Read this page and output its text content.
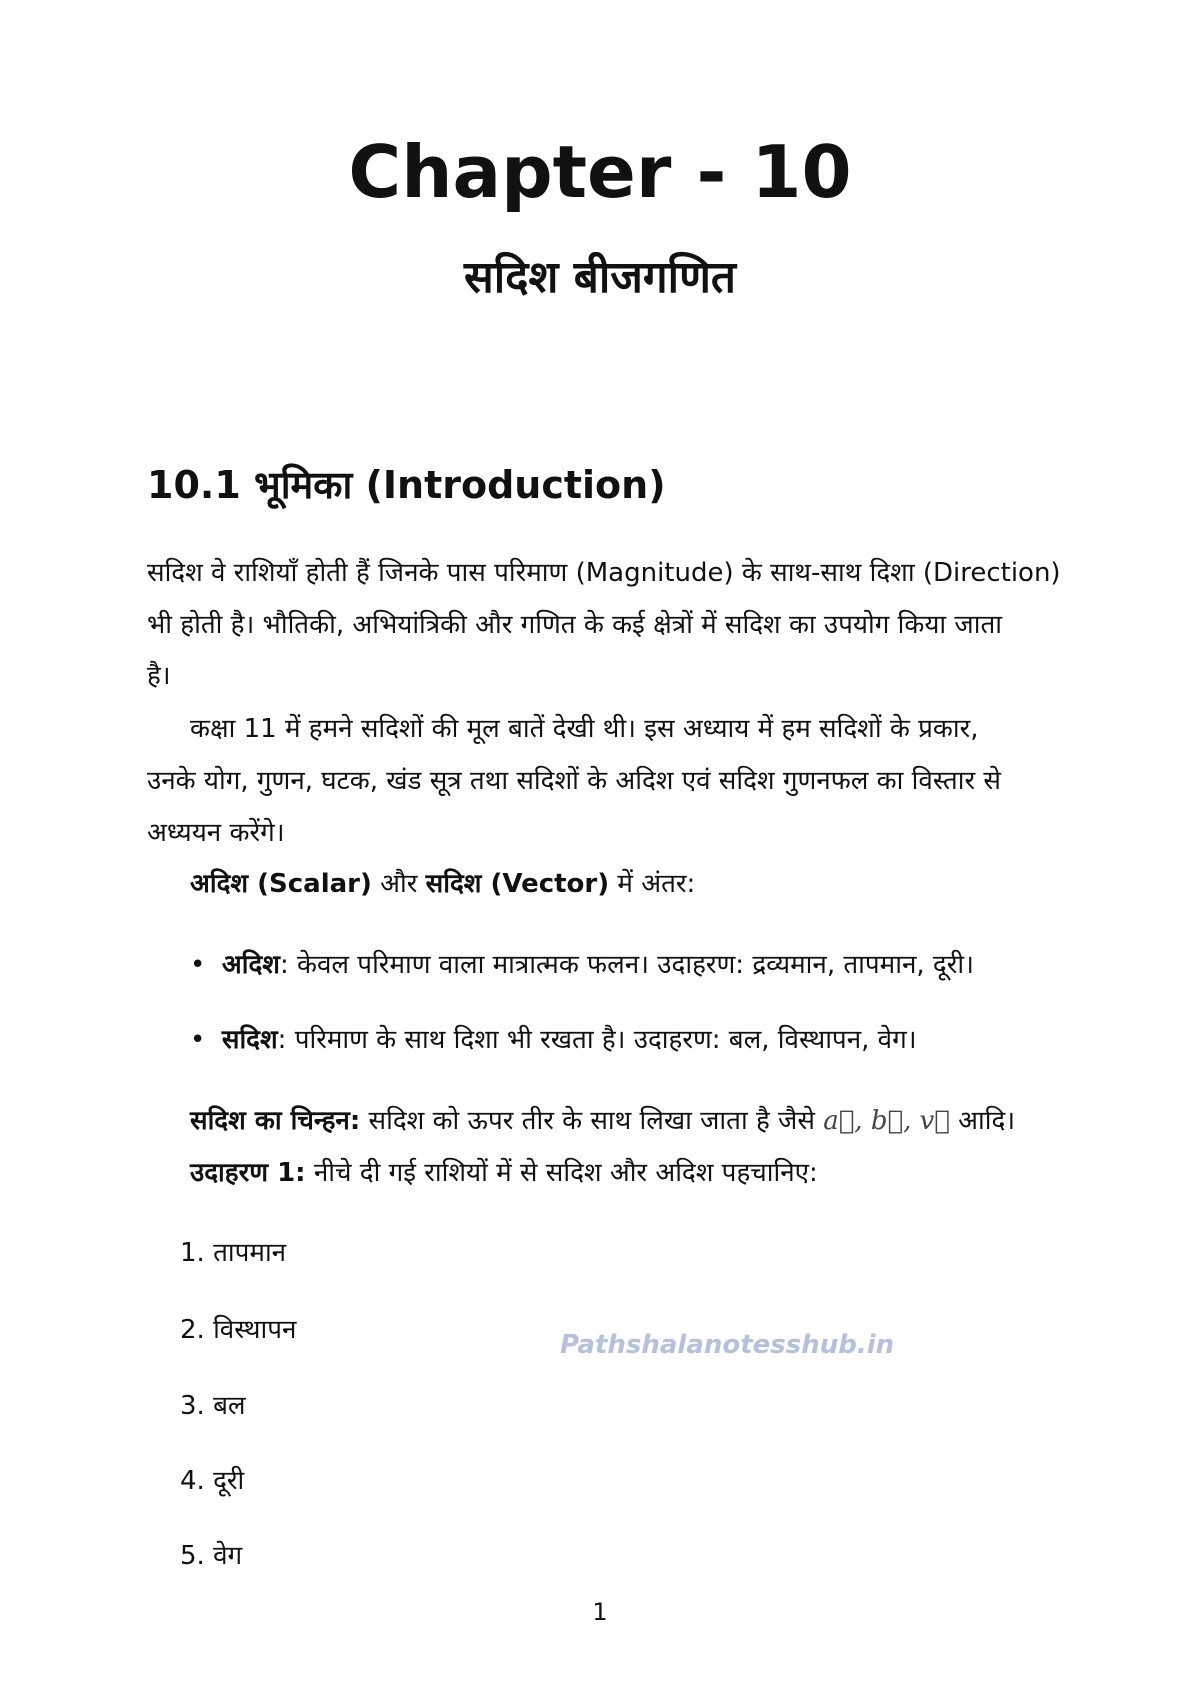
Chapter - 10
सदिश बीजगणित
10.1 भूमिका (Introduction)
सदिश वे राशियाँ होती हैं जिनके पास परिमाण (Magnitude) के साथ-साथ दिशा (Direction)
भी होती है। भौतिकी, अभियांत्रिकी और गणित के कई क्षेत्रों में सदिश का उपयोग किया जाता
है।
कक्षा 11 में हमने सदिशों की मूल बातें देखी थी। इस अध्याय में हम सदिशों के प्रकार,
उनके योग, गुणन, घटक, खंड सूत्र तथा सदिशों के अदिश एवं सदिश गुणनफल का विस्तार से
अध्ययन करेंगे।
अदिश (Scalar) और सदिश (Vector) में अंतर:
•  अदिश: केवल परिमाण वाला मात्रात्मक फलन। उदाहरण: द्रव्यमान, तापमान, दूरी।
•  सदिश: परिमाण के साथ दिशा भी रखता है। उदाहरण: बल, विस्थापन, वेग।
सदिश का चिन्हन: सदिश को ऊपर तीर के साथ लिखा जाता है जैसे a⃗, b⃗, v⃗ आदि।
उदाहरण 1: नीचे दी गई राशियों में से सदिश और अदिश पहचानिए:
1. तापमान
2. विस्थापन
3. बल
4. दूरी
5. वेग
1
Pathshalanotesshub.in
